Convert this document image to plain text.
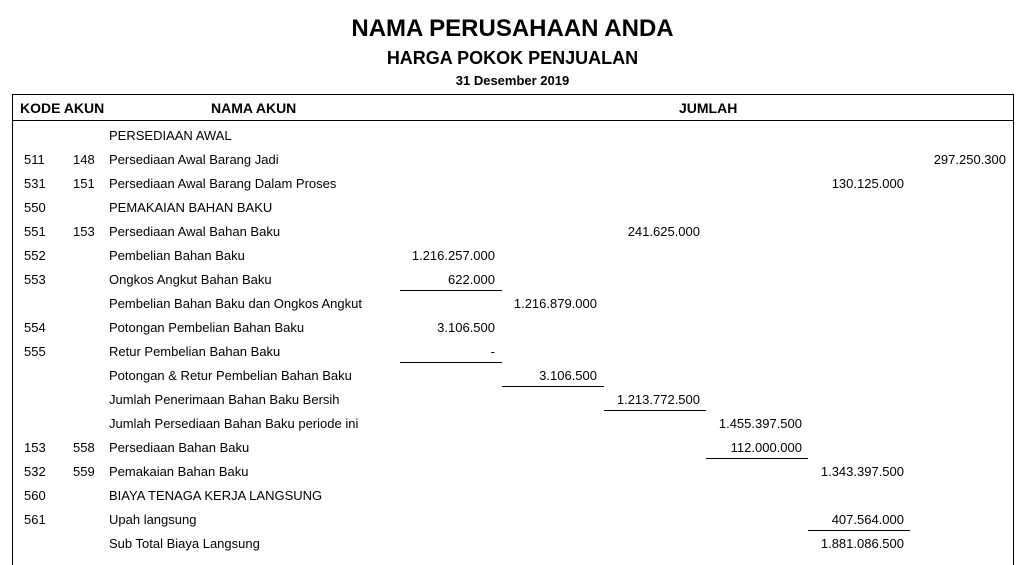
NAMA PERUSAHAAN ANDA
HARGA POKOK PENJUALAN
31 Desember 2019
KODE AKUN	NAMA AKUN	JUMLAH
PERSEDIAAN AWAL
511 148 Persediaan Awal Barang Jadi	297.250.300
531 151 Persediaan Awal Barang Dalam Proses	130.125.000
550	PEMAKAIAN BAHAN BAKU
551 153 Persediaan Awal Bahan Baku	241.625.000
552	Pembelian Bahan Baku	1.216.257.000
553	Ongkos Angkut Bahan Baku	622.000
Pembelian Bahan Baku dan Ongkos Angkut	1.216.879.000
554	Potongan Pembelian Bahan Baku	3.106.500
555	Retur Pembelian Bahan Baku	-
Potongan & Retur Pembelian Bahan Baku	3.106.500
Jumlah Penerimaan Bahan Baku Bersih	1.213.772.500
Jumlah Persediaan Bahan Baku periode ini	1.455.397.500
153 558 Persediaan Bahan Baku	112.000.000
532 559 Pemakaian Bahan Baku	1.343.397.500
560	BIAYA TENAGA KERJA LANGSUNG
561	Upah langsung	407.564.000
Sub Total Biaya Langsung	1.881.086.500
